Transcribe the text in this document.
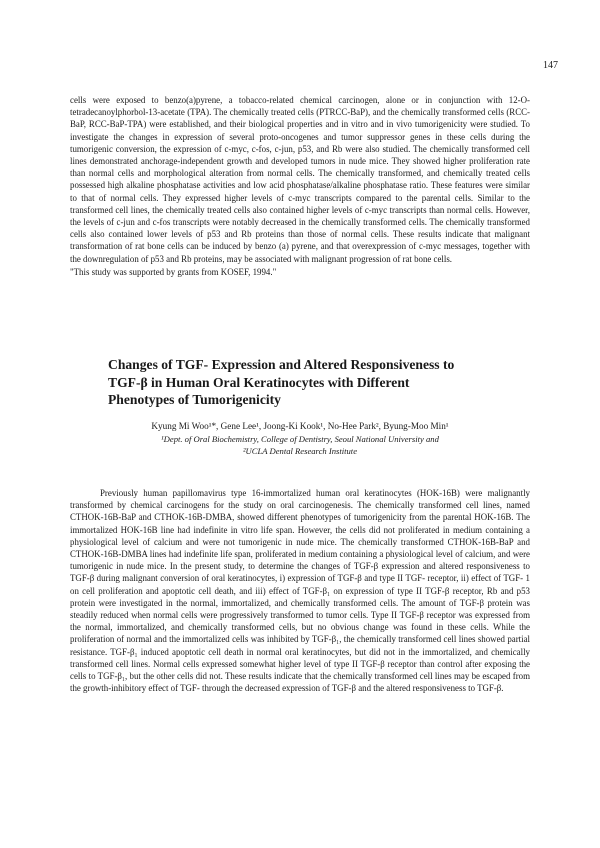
147

cells were exposed to benzo(a)pyrene, a tobacco-related chemical carcinogen, alone or in conjunction with 12-O-tetradecanoylphorbol-13-acetate (TPA). The chemically treated cells (PTRCC-BaP), and the chemically transformed cells (RCC-BaP, RCC-BaP-TPA) were established, and their biological properties and in vitro and in vivo tumorigenicity were studied. To investigate the changes in expression of several proto-oncogenes and tumor suppressor genes in these cells during the tumorigenic conversion, the expression of c-myc, c-fos, c-jun, p53, and Rb were also studied. The chemically transformed cell lines demonstrated anchorage-independent growth and developed tumors in nude mice. They showed higher proliferation rate than normal cells and morphological alteration from normal cells. The chemically transformed, and chemically treated cells possessed high alkaline phosphatase activities and low acid phosphatase/alkaline phosphatase ratio. These features were similar to that of normal cells. They expressed higher levels of c-myc transcripts compared to the parental cells. Similar to the transformed cell lines, the chemically treated cells also contained higher levels of c-myc transcripts than normal cells. However, the levels of c-jun and c-fos transcripts were notably decreased in the chemically transformed cells. The chemically transformed cells also contained lower levels of p53 and Rb proteins than those of normal cells. These results indicate that malignant transformation of rat bone cells can be induced by benzo (a) pyrene, and that overexpression of c-myc messages, together with the downregulation of p53 and Rb proteins, may be associated with malignant progression of rat bone cells.

"This study was supported by grants from KOSEF, 1994."

Changes of TGF- Expression and Altered Responsiveness to
TGF-β in Human Oral Keratinocytes with Different
Phenotypes of Tumorigenicity
Kyung Mi Woo¹*, Gene Lee¹, Joong-Ki Kook¹, No-Hee Park², Byung-Moo Min¹
¹Dept. of Oral Biochemistry, College of Dentistry, Seoul National University and
²UCLA Dental Research Institute

Previously human papillomavirus type 16-immortalized human oral keratinocytes (HOK-16B) were malignantly transformed by chemical carcinogens for the study on oral carcinogenesis. The chemically transformed cell lines, named CTHOK-16B-BaP and CTHOK-16B-DMBA, showed different phenotypes of tumorigenicity from the parental HOK-16B. The immortalized HOK-16B line had indefinite in vitro life span. However, the cells did not proliferated in medium containing a physiological level of calcium and were not tumorigenic in nude mice. The chemically transformed CTHOK-16B-BaP and CTHOK-16B-DMBA lines had indefinite life span, proliferated in medium containing a physiological level of calcium, and were tumorigenic in nude mice. In the present study, to determine the changes of TGF-β expression and altered responsiveness to TGF-β during malignant conversion of oral keratinocytes, i) expression of TGF-β and type II TGF- receptor, ii) effect of TGF- 1 on cell proliferation and apoptotic cell death, and iii) effect of TGF-β₁ on expression of type II TGF-β receptor, Rb and p53 protein were investigated in the normal, immortalized, and chemically transformed cells. The amount of TGF-β protein was steadily reduced when normal cells were progressively transformed to tumor cells. Type II TGF-β receptor was expressed from the normal, immortalized, and chemically transformed cells, but no obvious change was found in these cells. While the proliferation of normal and the immortalized cells was inhibited by TGF-β₁, the chemically transformed cell lines showed partial resistance. TGF-β₁ induced apoptotic cell death in normal oral keratinocytes, but did not in the immortalized, and chemically transformed cell lines. Normal cells expressed somewhat higher level of type II TGF-β receptor than control after exposing the cells to TGF-β₁, but the other cells did not. These results indicate that the chemically transformed cell lines may be escaped from the growth-inhibitory effect of TGF- through the decreased expression of TGF-β and the altered responsiveness to TGF-β.
